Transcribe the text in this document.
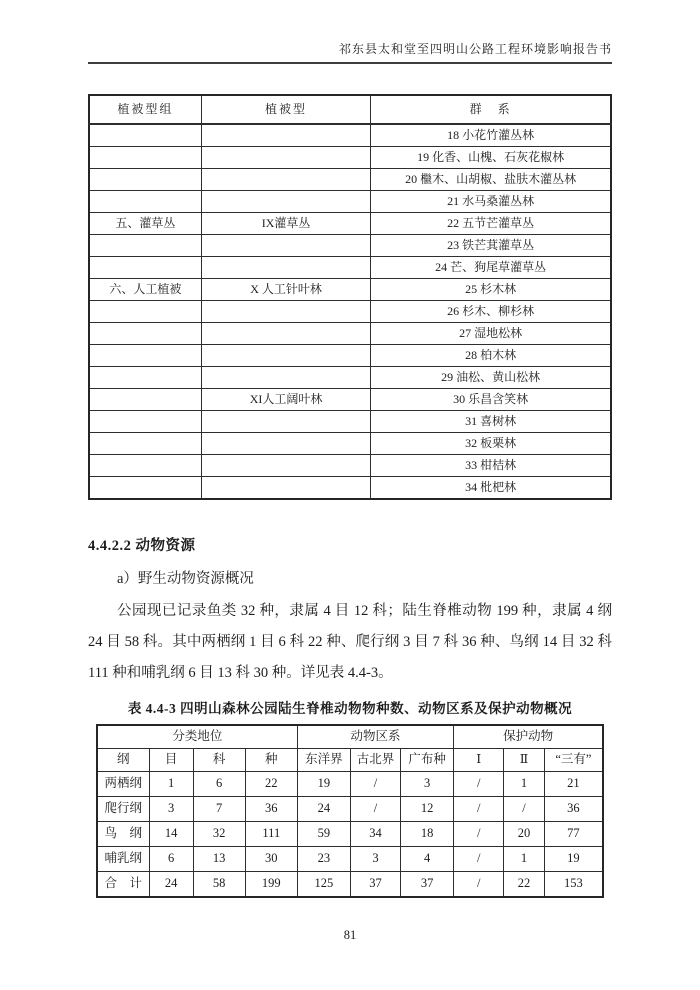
祁东县太和堂至四明山公路工程环境影响报告书
植被型组	植被型	群　系
		18 小花竹灌丛林
		19 化香、山槐、石灰花椒林
		20 檵木、山胡椒、盐肤木灌丛林
		21 水马桑灌丛林
五、灌草丛	IX灌草丛	22 五节芒灌草丛
		23 铁芒萁灌草丛
		24 芒、狗尾草灌草丛
六、人工植被	X 人工针叶林	25 杉木林
		26 杉木、柳杉林
		27 湿地松林
		28 柏木林
		29 油松、黄山松林
	XI人工阔叶林	30 乐昌含笑林
		31 喜树林
		32 板栗林
		33 柑桔林
		34 枇杷林
4.4.2.2 动物资源

a）野生动物资源概况

公园现已记录鱼类 32 种，隶属 4 目 12 科；陆生脊椎动物 199 种，隶属 4 纲 24 目 58 科。其中两栖纲 1 目 6 科 22 种、爬行纲 3 目 7 科 36 种、鸟纲 14 目 32 科 111 种和哺乳纲 6 目 13 科 30 种。详见表 4.4-3。

表 4.4-3 四明山森林公园陆生脊椎动物物种数、动物区系及保护动物概况
分类地位				动物区系			保护动物		
纲	目	科	种	东洋界	古北界	广布种	Ⅰ	Ⅱ	“三有”
两栖纲	1	6	22	19	/	3	/	1	21
爬行纲	3	7	36	24	/	12	/	/	36
鸟　纲	14	32	111	59	34	18	/	20	77
哺乳纲	6	13	30	23	3	4	/	1	19
合　计	24	58	199	125	37	37	/	22	153
81
